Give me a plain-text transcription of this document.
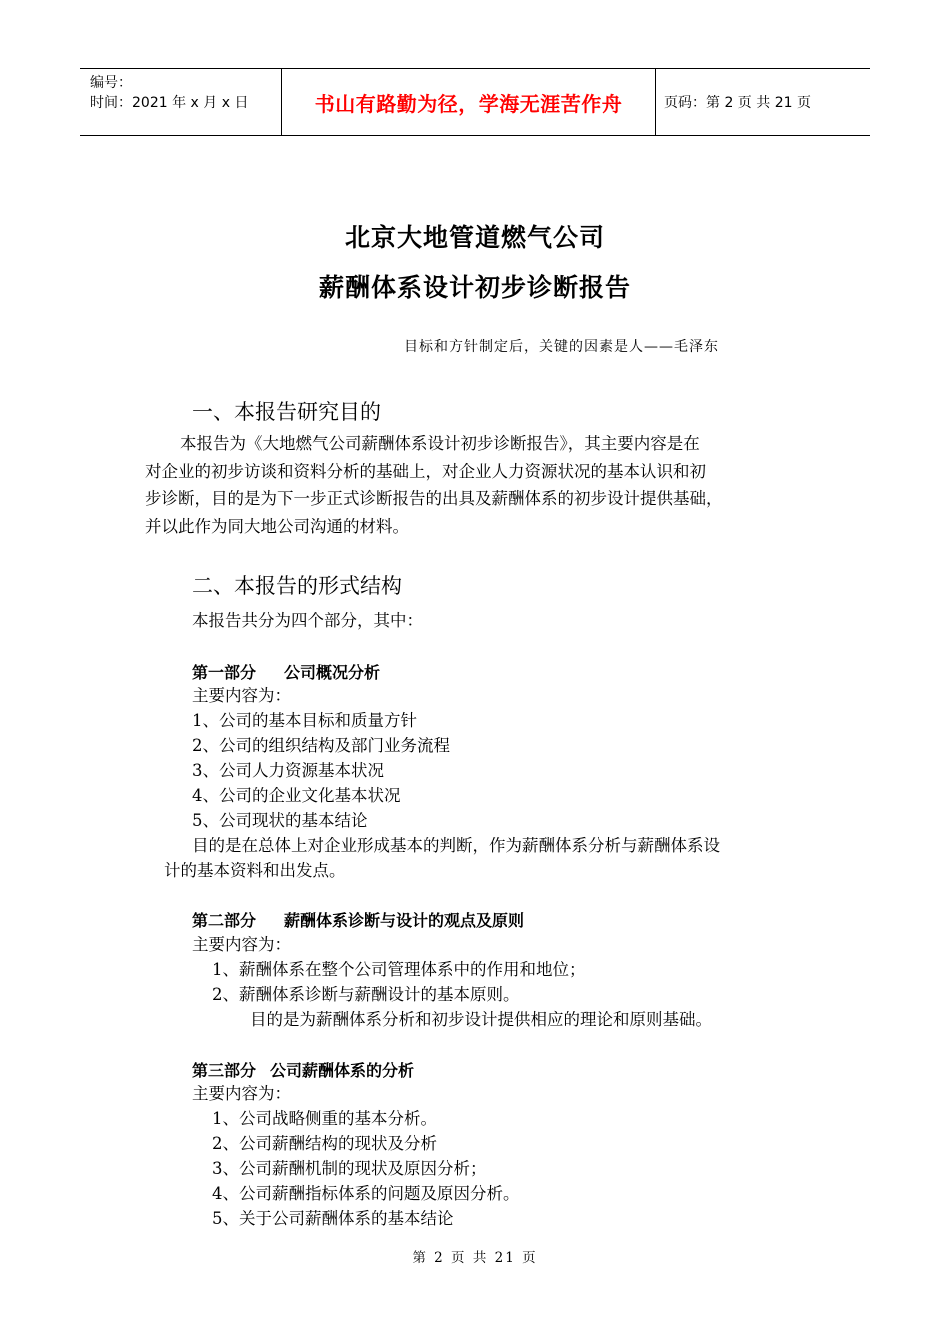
编号：
时间：2021 年 x 月 x 日	书山有路勤为径，学海无涯苦作舟	页码：第 2 页 共 21 页
北京大地管道燃气公司
薪酬体系设计初步诊断报告
目标和方针制定后，关键的因素是人——毛泽东
一、本报告研究目的
本报告为《大地燃气公司薪酬体系设计初步诊断报告》，其主要内容是在
对企业的初步访谈和资料分析的基础上，对企业人力资源状况的基本认识和初
步诊断，目的是为下一步正式诊断报告的出具及薪酬体系的初步设计提供基础，
并以此作为同大地公司沟通的材料。
二、本报告的形式结构
本报告共分为四个部分，其中：
第一部分 公司概况分析
主要内容为：
1、公司的基本目标和质量方针
2、公司的组织结构及部门业务流程
3、公司人力资源基本状况
4、公司的企业文化基本状况
5、公司现状的基本结论
目的是在总体上对企业形成基本的判断，作为薪酬体系分析与薪酬体系设
计的基本资料和出发点。
第二部分 薪酬体系诊断与设计的观点及原则
主要内容为：
1、薪酬体系在整个公司管理体系中的作用和地位；
2、薪酬体系诊断与薪酬设计的基本原则。
目的是为薪酬体系分析和初步设计提供相应的理论和原则基础。
第三部分 公司薪酬体系的分析
主要内容为：
1、公司战略侧重的基本分析。
2、公司薪酬结构的现状及分析
3、公司薪酬机制的现状及原因分析；
4、公司薪酬指标体系的问题及原因分析。
5、关于公司薪酬体系的基本结论
第 2 页 共 21 页
